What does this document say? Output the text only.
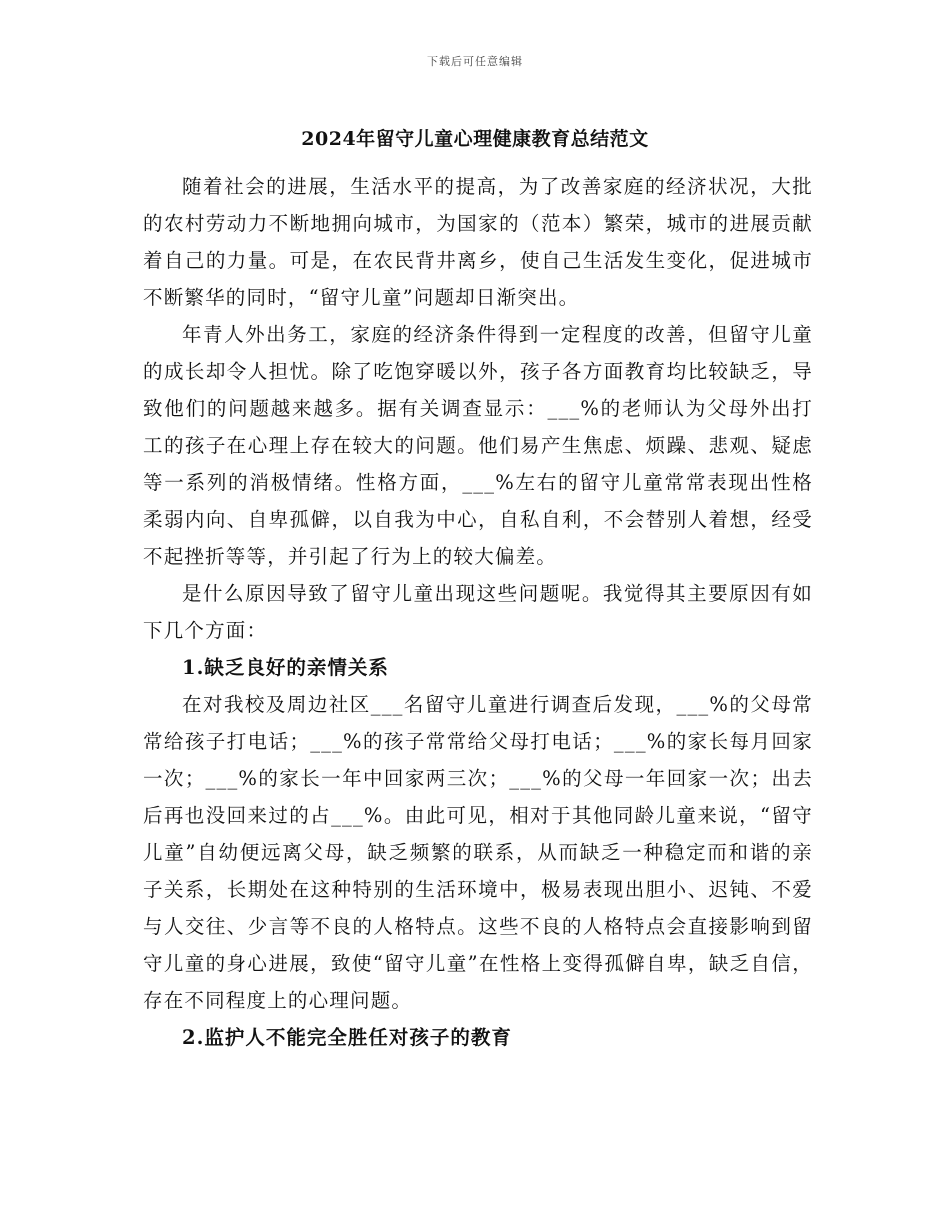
下载后可任意编辑
2024年留守儿童心理健康教育总结范文

随着社会的进展，生活水平的提高，为了改善家庭的经济状况，大批的农村劳动力不断地拥向城市，为国家的（范本）繁荣，城市的进展贡献着自己的力量。可是，在农民背井离乡，使自己生活发生变化，促进城市不断繁华的同时，“留守儿童”问题却日渐突出。

年青人外出务工，家庭的经济条件得到一定程度的改善，但留守儿童的成长却令人担忧。除了吃饱穿暖以外，孩子各方面教育均比较缺乏，导致他们的问题越来越多。据有关调查显示：___%的老师认为父母外出打工的孩子在心理上存在较大的问题。他们易产生焦虑、烦躁、悲观、疑虑等一系列的消极情绪。性格方面，___%左右的留守儿童常常表现出性格柔弱内向、自卑孤僻，以自我为中心，自私自利，不会替别人着想，经受不起挫折等等，并引起了行为上的较大偏差。

是什么原因导致了留守儿童出现这些问题呢。我觉得其主要原因有如下几个方面：

1.缺乏良好的亲情关系

在对我校及周边社区___名留守儿童进行调查后发现，___%的父母常常给孩子打电话；___%的孩子常常给父母打电话；___%的家长每月回家一次；___%的家长一年中回家两三次；___%的父母一年回家一次；出去后再也没回来过的占___%。由此可见，相对于其他同龄儿童来说，“留守儿童”自幼便远离父母，缺乏频繁的联系，从而缺乏一种稳定而和谐的亲子关系，长期处在这种特别的生活环境中，极易表现出胆小、迟钝、不爱与人交往、少言等不良的人格特点。这些不良的人格特点会直接影响到留守儿童的身心进展，致使“留守儿童”在性格上变得孤僻自卑，缺乏自信，存在不同程度上的心理问题。

2.监护人不能完全胜任对孩子的教育
